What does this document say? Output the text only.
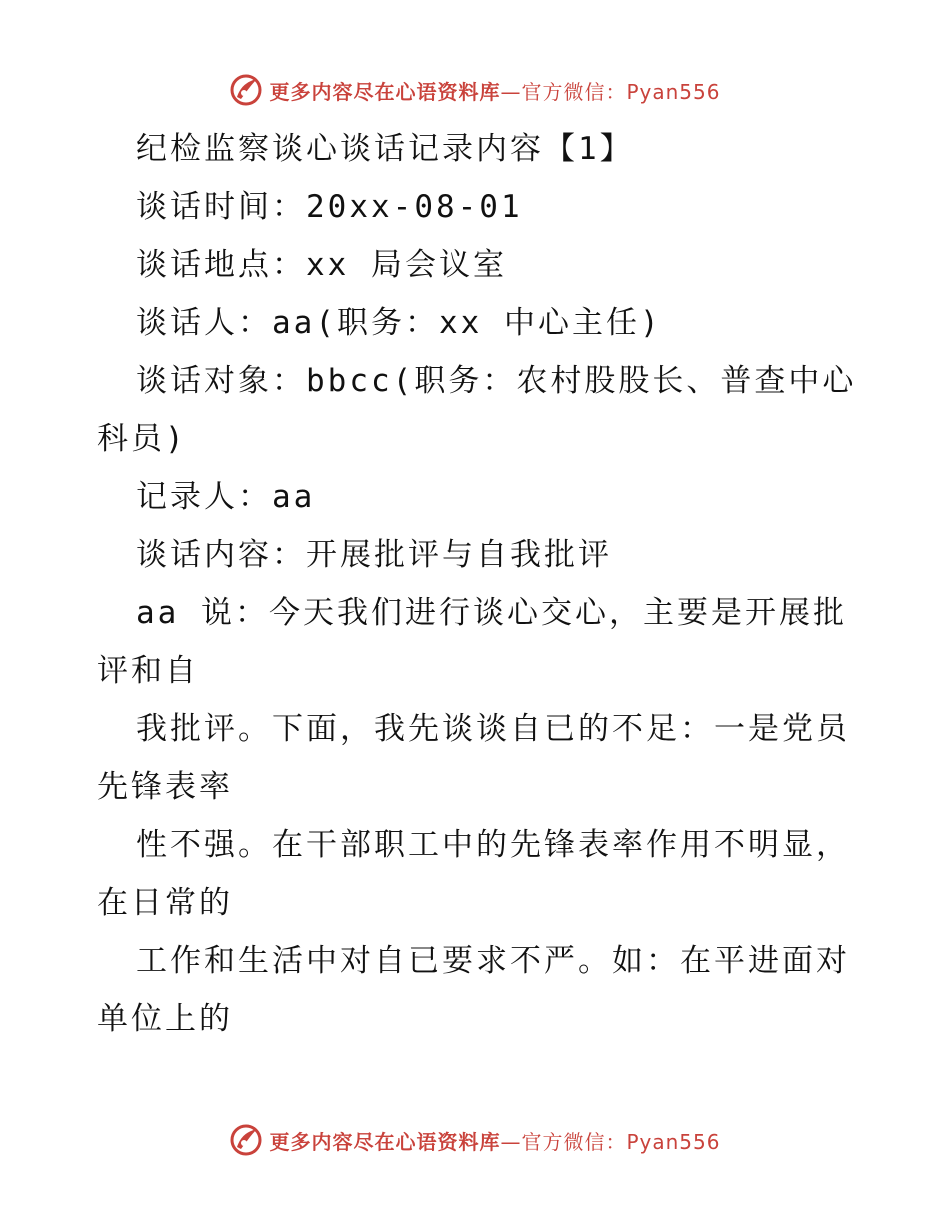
更多内容尽在心语资料库—官方微信：Pyan556
纪检监察谈心谈话记录内容【1】
谈话时间：20xx-08-01
谈话地点：xx 局会议室
谈话人：aa(职务：xx 中心主任)
谈话对象：bbcc(职务：农村股股长、普查中心
科员)
记录人：aa
谈话内容：开展批评与自我批评
aa 说：今天我们进行谈心交心，主要是开展批
评和自
我批评。下面，我先谈谈自已的不足：一是党员
先锋表率
性不强。在干部职工中的先锋表率作用不明显，
在日常的
工作和生活中对自已要求不严。如：在平进面对
单位上的
更多内容尽在心语资料库—官方微信：Pyan556
